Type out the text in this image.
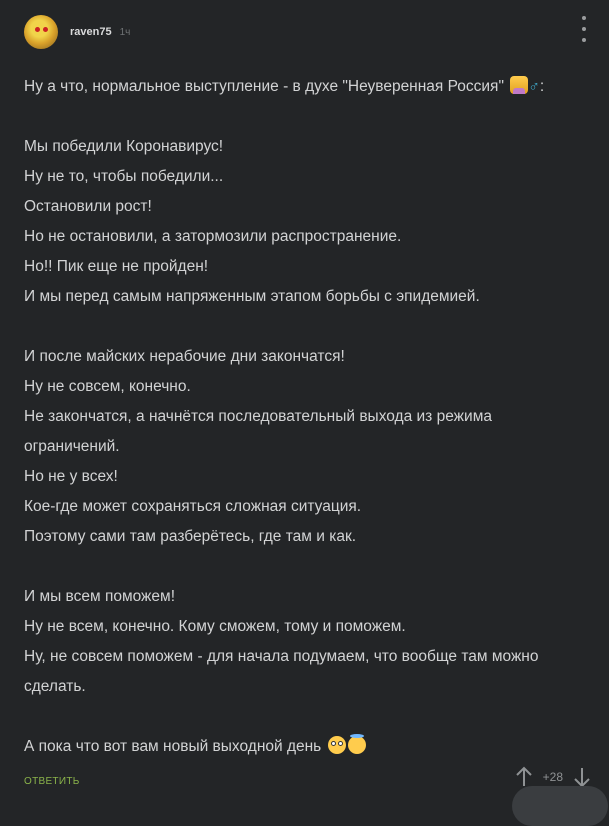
raven75 1ч
Ну а что, нормальное выступление - в духе "Неуверенная Россия" ♂:
Мы победили Коронавирус!
Ну не то, чтобы победили...
Остановили рост!
Но не остановили, а затормозили распространение.
Но!! Пик еще не пройден!
И мы перед самым напряженным этапом борьбы с эпидемией.
И после майских нерабочие дни закончатся!
Ну не совсем, конечно.
Не закончатся, а начнётся последовательный выхода из режима
ограничений.
Но не у всех!
Кое-где может сохраняться сложная ситуация.
Поэтому сами там разберётесь, где там и как.
И мы всем поможем!
Ну не всем, конечно. Кому сможем, тому и поможем.
Ну, не совсем поможем - для начала подумаем, что вообще там можно
сделать.
А пока что вот вам новый выходной день
ОТВЕТИТЬ	+28
